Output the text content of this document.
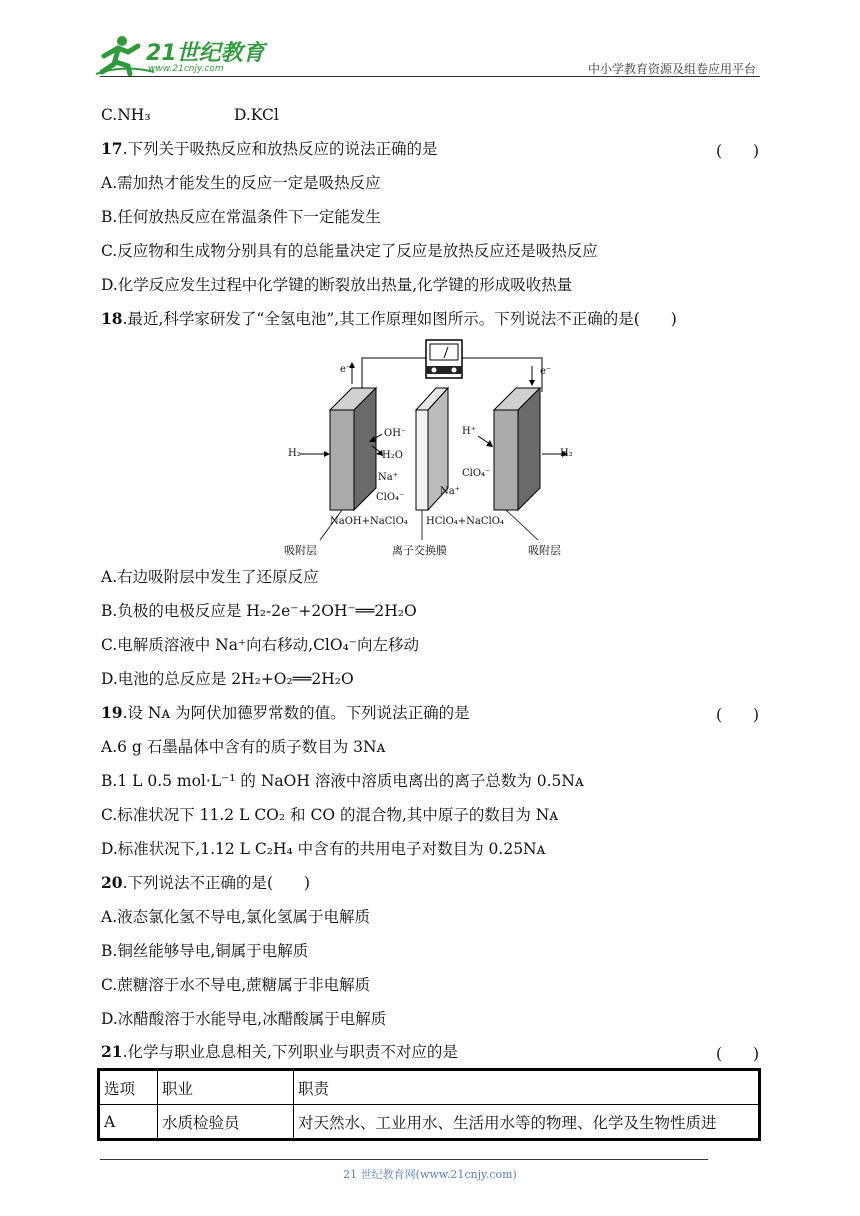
21世纪教育
www.21cnjy.com	中小学教育资源及组卷应用平台
C.NH₃	D.KCl
17.下列关于吸热反应和放热反应的说法正确的是	(　　)
A.需加热才能发生的反应一定是吸热反应
B.任何放热反应在常温条件下一定能发生
C.反应物和生成物分别具有的总能量决定了反应是放热反应还是吸热反应
D.化学反应发生过程中化学键的断裂放出热量,化学键的形成吸收热量
18.最近,科学家研发了“全氢电池”,其工作原理如图所示。下列说法不正确的是(　　)
e⁻	e⁻
H₂	H₂
OH⁻
H₂O
Na⁺
ClO₄⁻
H⁺
ClO₄⁻
Na⁺
NaOH+NaClO₄ HClO₄+NaClO₄
吸附层	离子交换膜	吸附层
A.右边吸附层中发生了还原反应
B.负极的电极反应是 H₂-2e⁻+2OH⁻══2H₂O
C.电解质溶液中 Na⁺向右移动,ClO₄⁻向左移动
D.电池的总反应是 2H₂+O₂══2H₂O
19.设 Nᴀ 为阿伏加德罗常数的值。下列说法正确的是	(　　)
A.6 g 石墨晶体中含有的质子数目为 3Nᴀ
B.1 L 0.5 mol·L⁻¹ 的 NaOH 溶液中溶质电离出的离子总数为 0.5Nᴀ
C.标准状况下 11.2 L CO₂ 和 CO 的混合物,其中原子的数目为 Nᴀ
D.标准状况下,1.12 L C₂H₄ 中含有的共用电子对数目为 0.25Nᴀ
20.下列说法不正确的是(　　)
A.液态氯化氢不导电,氯化氢属于电解质
B.铜丝能够导电,铜属于电解质
C.蔗糖溶于水不导电,蔗糖属于非电解质
D.冰醋酸溶于水能导电,冰醋酸属于电解质
21.化学与职业息息相关,下列职业与职责不对应的是	(　　)
选项	职业	职责
A	水质检验员	对天然水、工业用水、生活用水等的物理、化学及生物性质进
21 世纪教育网(www.21cnjy.com)
